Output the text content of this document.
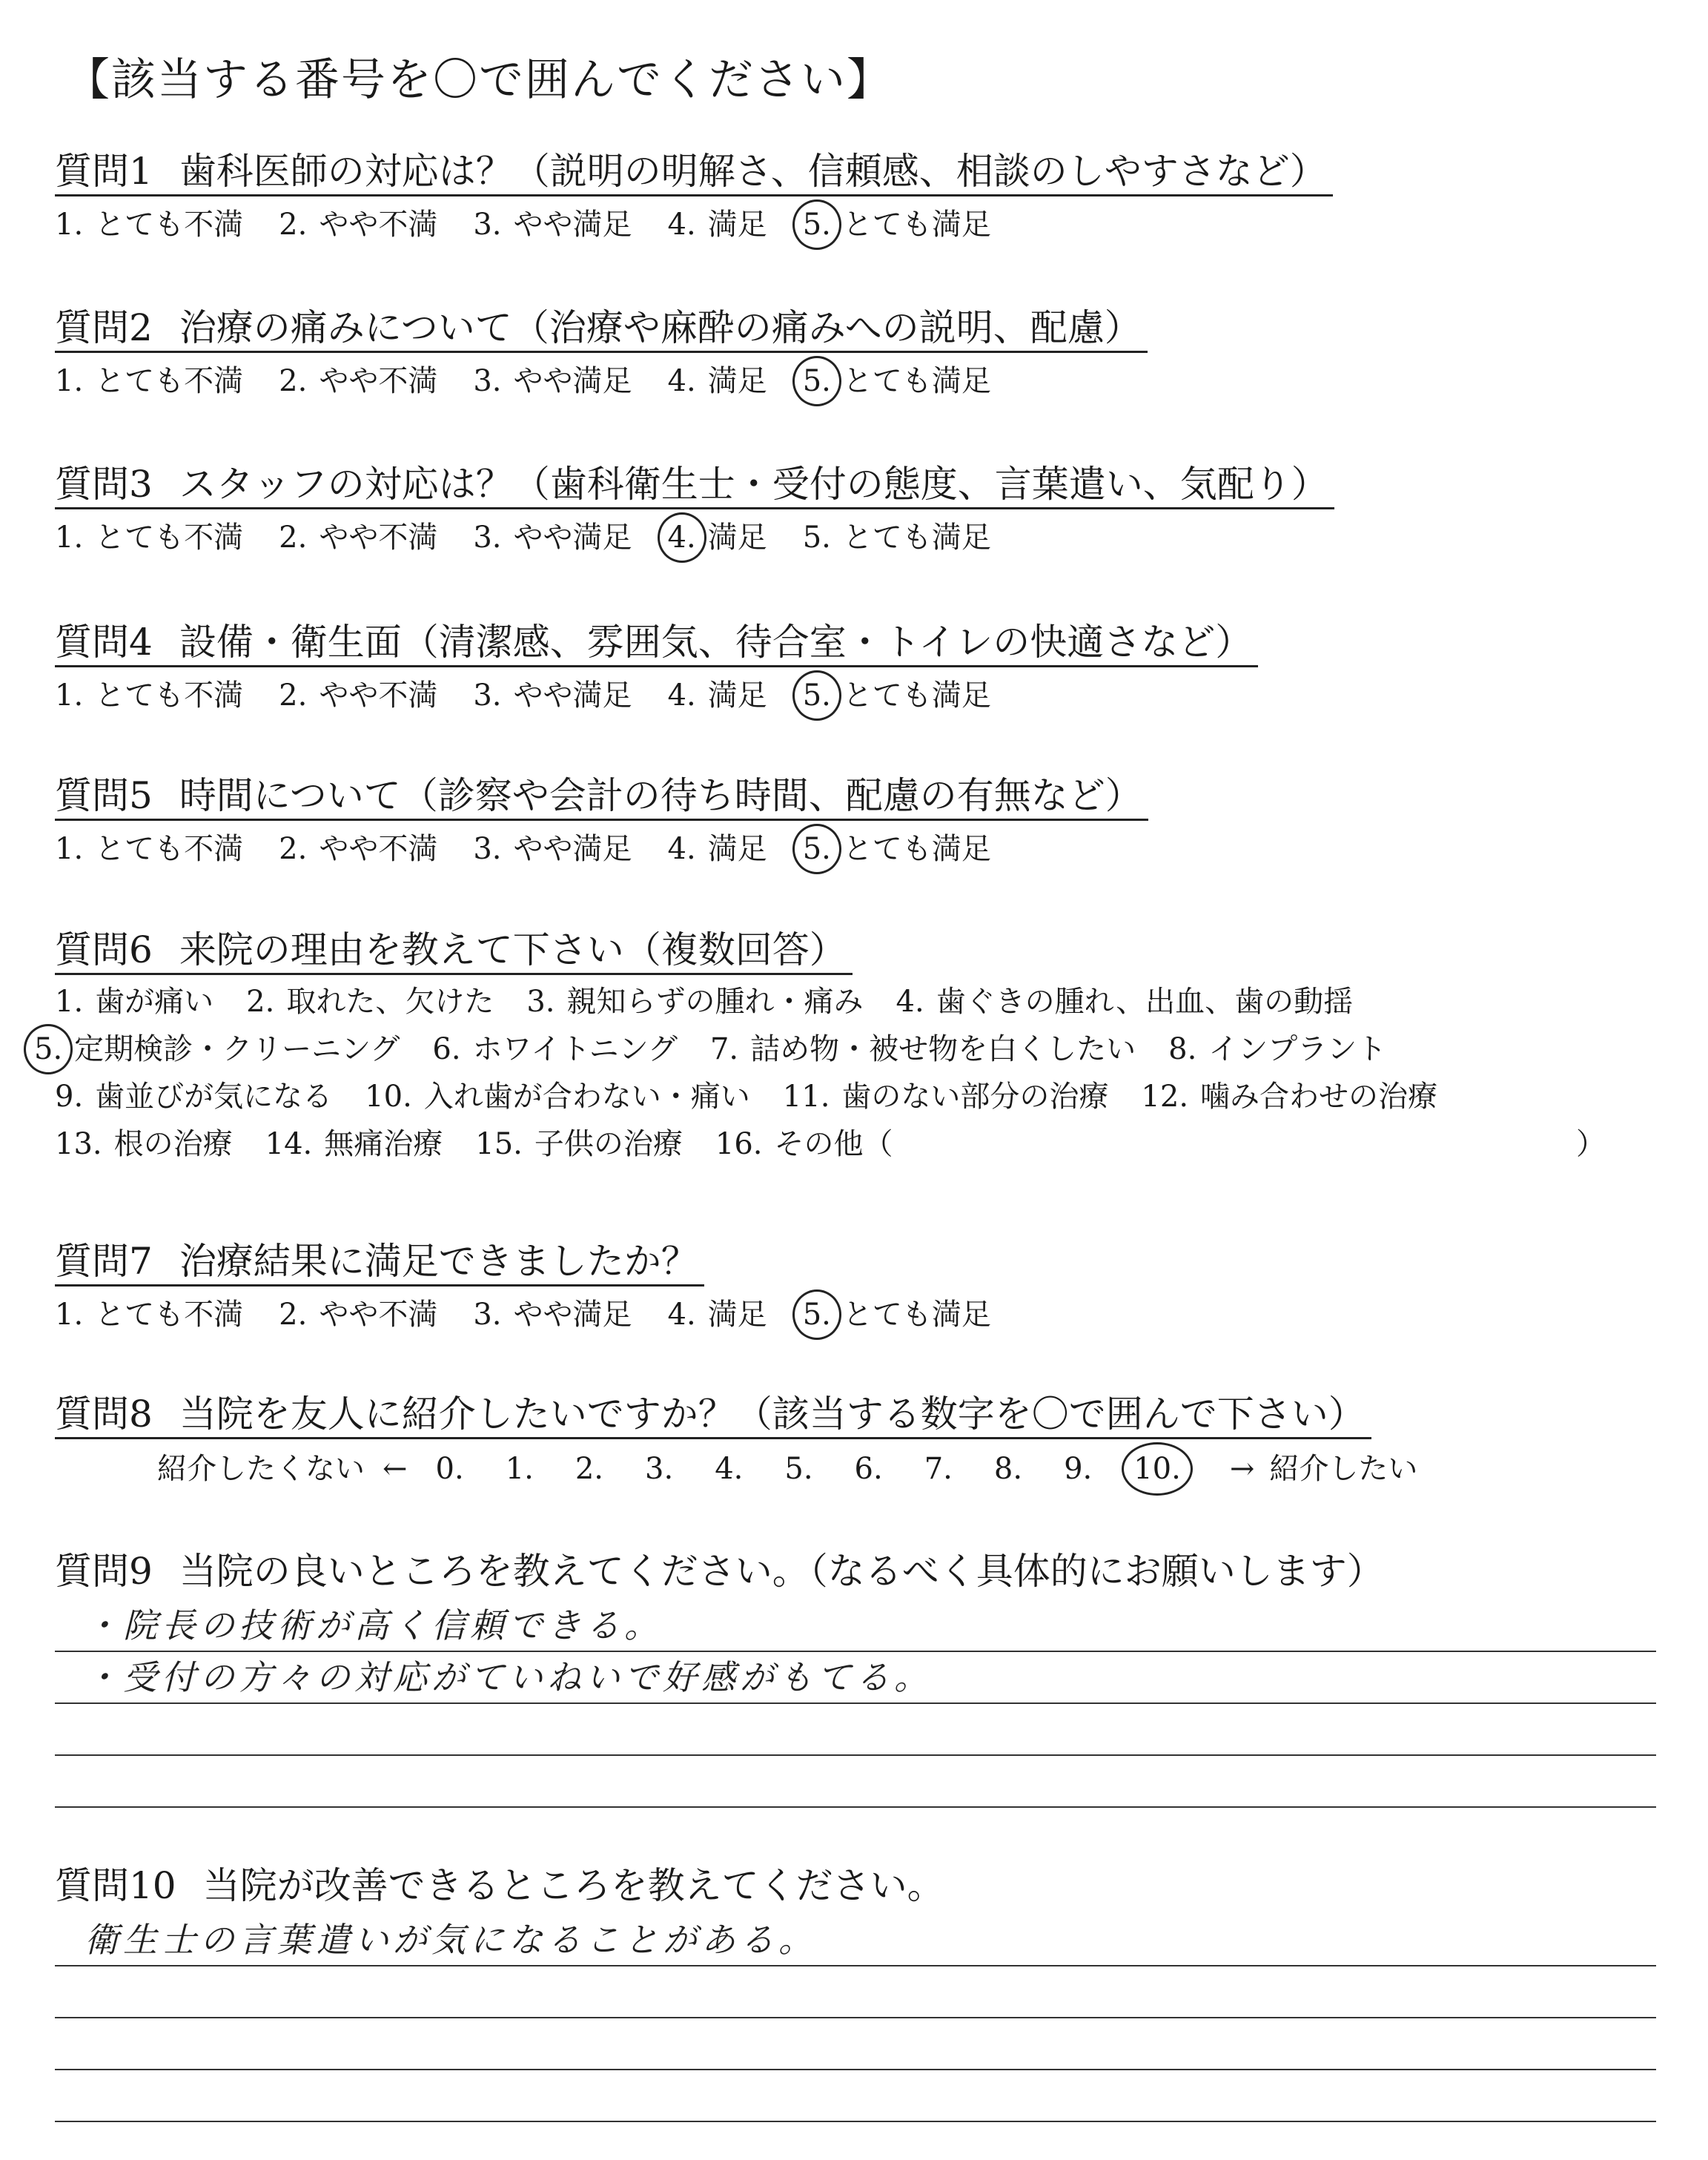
【該当する番号を〇で囲んでください】
質問1 歯科医師の対応は？（説明の明解さ、信頼感、相談のしやすさなど）
1. とても不満 2. やや不満 3. やや満足 4. 満足 5. とても満足
質問2 治療の痛みについて（治療や麻酔の痛みへの説明、配慮）
1. とても不満 2. やや不満 3. やや満足 4. 満足 5. とても満足
質問3 スタッフの対応は？（歯科衛生士・受付の態度、言葉遣い、気配り）
1. とても不満 2. やや不満 3. やや満足 4. 満足 5. とても満足
質問4 設備・衛生面（清潔感、雰囲気、待合室・トイレの快適さなど）
1. とても不満 2. やや不満 3. やや満足 4. 満足 5. とても満足
質問5 時間について（診察や会計の待ち時間、配慮の有無など）
1. とても不満 2. やや不満 3. やや満足 4. 満足 5. とても満足
質問6 来院の理由を教えて下さい（複数回答）
1. 歯が痛い 2. 取れた、欠けた 3. 親知らずの腫れ・痛み 4. 歯ぐきの腫れ、出血、歯の動揺
5. 定期検診・クリーニング 6. ホワイトニング 7. 詰め物・被せ物を白くしたい 8. インプラント
9. 歯並びが気になる 10. 入れ歯が合わない・痛い 11. 歯のない部分の治療 12. 噛み合わせの治療
13. 根の治療 14. 無痛治療 15. 子供の治療 16. その他（	）
質問7 治療結果に満足できましたか？
1. とても不満 2. やや不満 3. やや満足 4. 満足 5. とても満足
質問8 当院を友人に紹介したいですか？（該当する数字を〇で囲んで下さい）
紹介したくない ← 0. 1. 2. 3. 4. 5. 6. 7. 8. 9. 10. → 紹介したい
質問9 当院の良いところを教えてください。（なるべく具体的にお願いします）
・院長の技術が高く信頼できる。
・受付の方々の対応がていねいで好感がもてる。
質問10 当院が改善できるところを教えてください。
衛生士の言葉遣いが気になることがある。
